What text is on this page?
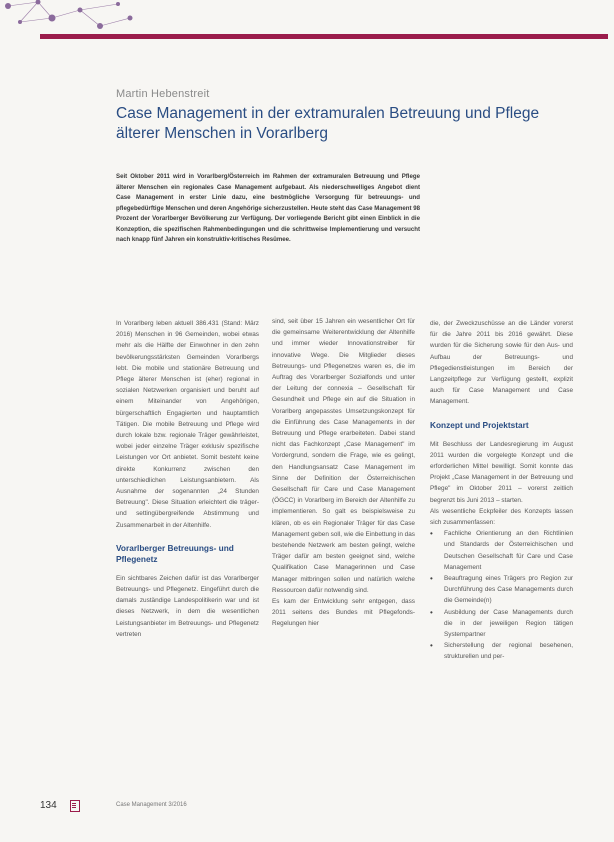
Martin Hebenstreit
Case Management in der extramuralen Betreuung und Pflege älterer Menschen in Vorarlberg

Seit Oktober 2011 wird in Vorarlberg/Österreich im Rahmen der extramuralen Betreuung und Pflege älterer Menschen ein regionales Case Management aufgebaut. Als niederschwelliges Angebot dient Case Management in erster Linie dazu, eine bestmögliche Versorgung für betreuungs- und pflegebedürftige Menschen und deren Angehörige sicherzustellen. Heute steht das Case Management 98 Prozent der Vorarlberger Bevölkerung zur Verfügung. Der vorliegende Bericht gibt einen Einblick in die Konzeption, die spezifischen Rahmenbedingungen und die schrittweise Implementierung und versucht nach knapp fünf Jahren ein konstruktiv-kritisches Resümee.

In Vorarlberg leben aktuell 386.431 (Stand: März 2016) Menschen in 96 Gemeinden, wobei etwas mehr als die Hälfte der Einwohner in den zehn bevölkerungsstärksten Gemeinden Vorarlbergs lebt. Die mobile und stationäre Betreuung und Pflege älterer Menschen ist (eher) regional in sozialen Netzwerken organisiert und beruht auf einem Miteinander von Angehörigen, bürgerschaftlich Engagierten und hauptamtlich Tätigen. Die mobile Betreuung und Pflege wird durch lokale bzw. regionale Träger gewährleistet, wobei jeder einzelne Träger exklusiv spezifische Leistungen vor Ort anbietet. Somit besteht keine direkte Konkurrenz zwischen den unterschiedlichen Leistungsanbietern. Als Ausnahme der sogenannten „24 Stunden Betreuung". Diese Situation erleichtert die träger- und settingübergreifende Abstimmung und Zusammenarbeit in der Altenhilfe.

Vorarlberger Betreuungs- und Pflegenetz

Ein sichtbares Zeichen dafür ist das Vorarlberger Betreuungs- und Pflegenetz. Eingeführt durch die damals zuständige Landespolitikerin war und ist dieses Netzwerk, in dem die wesentlichen Leistungsanbieter im Betreuungs- und Pflegenetz vertreten

sind, seit über 15 Jahren ein wesentlicher Ort für die gemeinsame Weiterentwicklung der Altenhilfe und immer wieder Innovationstreiber für innovative Wege. Die Mitglieder dieses Betreuungs- und Pflegenetzes waren es, die im Auftrag des Vorarlberger Sozialfonds und unter der Leitung der connexia – Gesellschaft für Gesundheit und Pflege ein auf die Situation in Vorarlberg angepasstes Umsetzungskonzept für die Einführung des Case Managements in der Betreuung und Pflege erarbeiteten. Dabei stand nicht das Fachkonzept „Case Management" im Vordergrund, sondern die Frage, wie es gelingt, den Handlungsansatz Case Management im Sinne der Definition der Österreichischen Gesellschaft für Care und Case Management (ÖGCC) in Vorarlberg im Bereich der Altenhilfe zu implementieren. So galt es beispielsweise zu klären, ob es ein Regionaler Träger für das Case Management geben soll, wie die Einbettung in das bestehende Netzwerk am besten gelingt, welche Träger dafür am besten geeignet sind, welche Qualifikation Case Managerinnen und Case Manager mitbringen sollen und natürlich welche Ressourcen dafür notwendig sind.

Es kam der Entwicklung sehr entgegen, dass 2011 seitens des Bundes mit Pflegefonds-Regelungen hier

die, der Zweckzuschüsse an die Länder vorerst für die Jahre 2011 bis 2016 gewährt. Diese wurden für die Sicherung sowie für den Aus- und Aufbau der Betreuungs- und Pflegedienstleistungen im Bereich der Langzeitpflege zur Verfügung gestellt, explizit auch für Case Management und Case Management.

Konzept und Projektstart

Mit Beschluss der Landesregierung im August 2011 wurden die vorgelegte Konzept und die erforderlichen Mittel bewilligt. Somit konnte das Projekt „Case Management in der Betreuung und Pflege" im Oktober 2011 – vorerst zeitlich begrenzt bis Juni 2013 – starten.

Als wesentliche Eckpfeiler des Konzepts lassen sich zusammenfassen:

• Fachliche Orientierung an den Richtlinien und Standards der Österreichischen und Deutschen Gesellschaft für Care und Case Management
• Beauftragung eines Trägers pro Region zur Durchführung des Case Managements durch die Gemeinde(n)
• Ausbildung der Case Managements durch die in der jeweiligen Region tätigen Systempartner
• Sicherstellung der regional besehenen, strukturellen und per-
134	Case Management 3/2016
